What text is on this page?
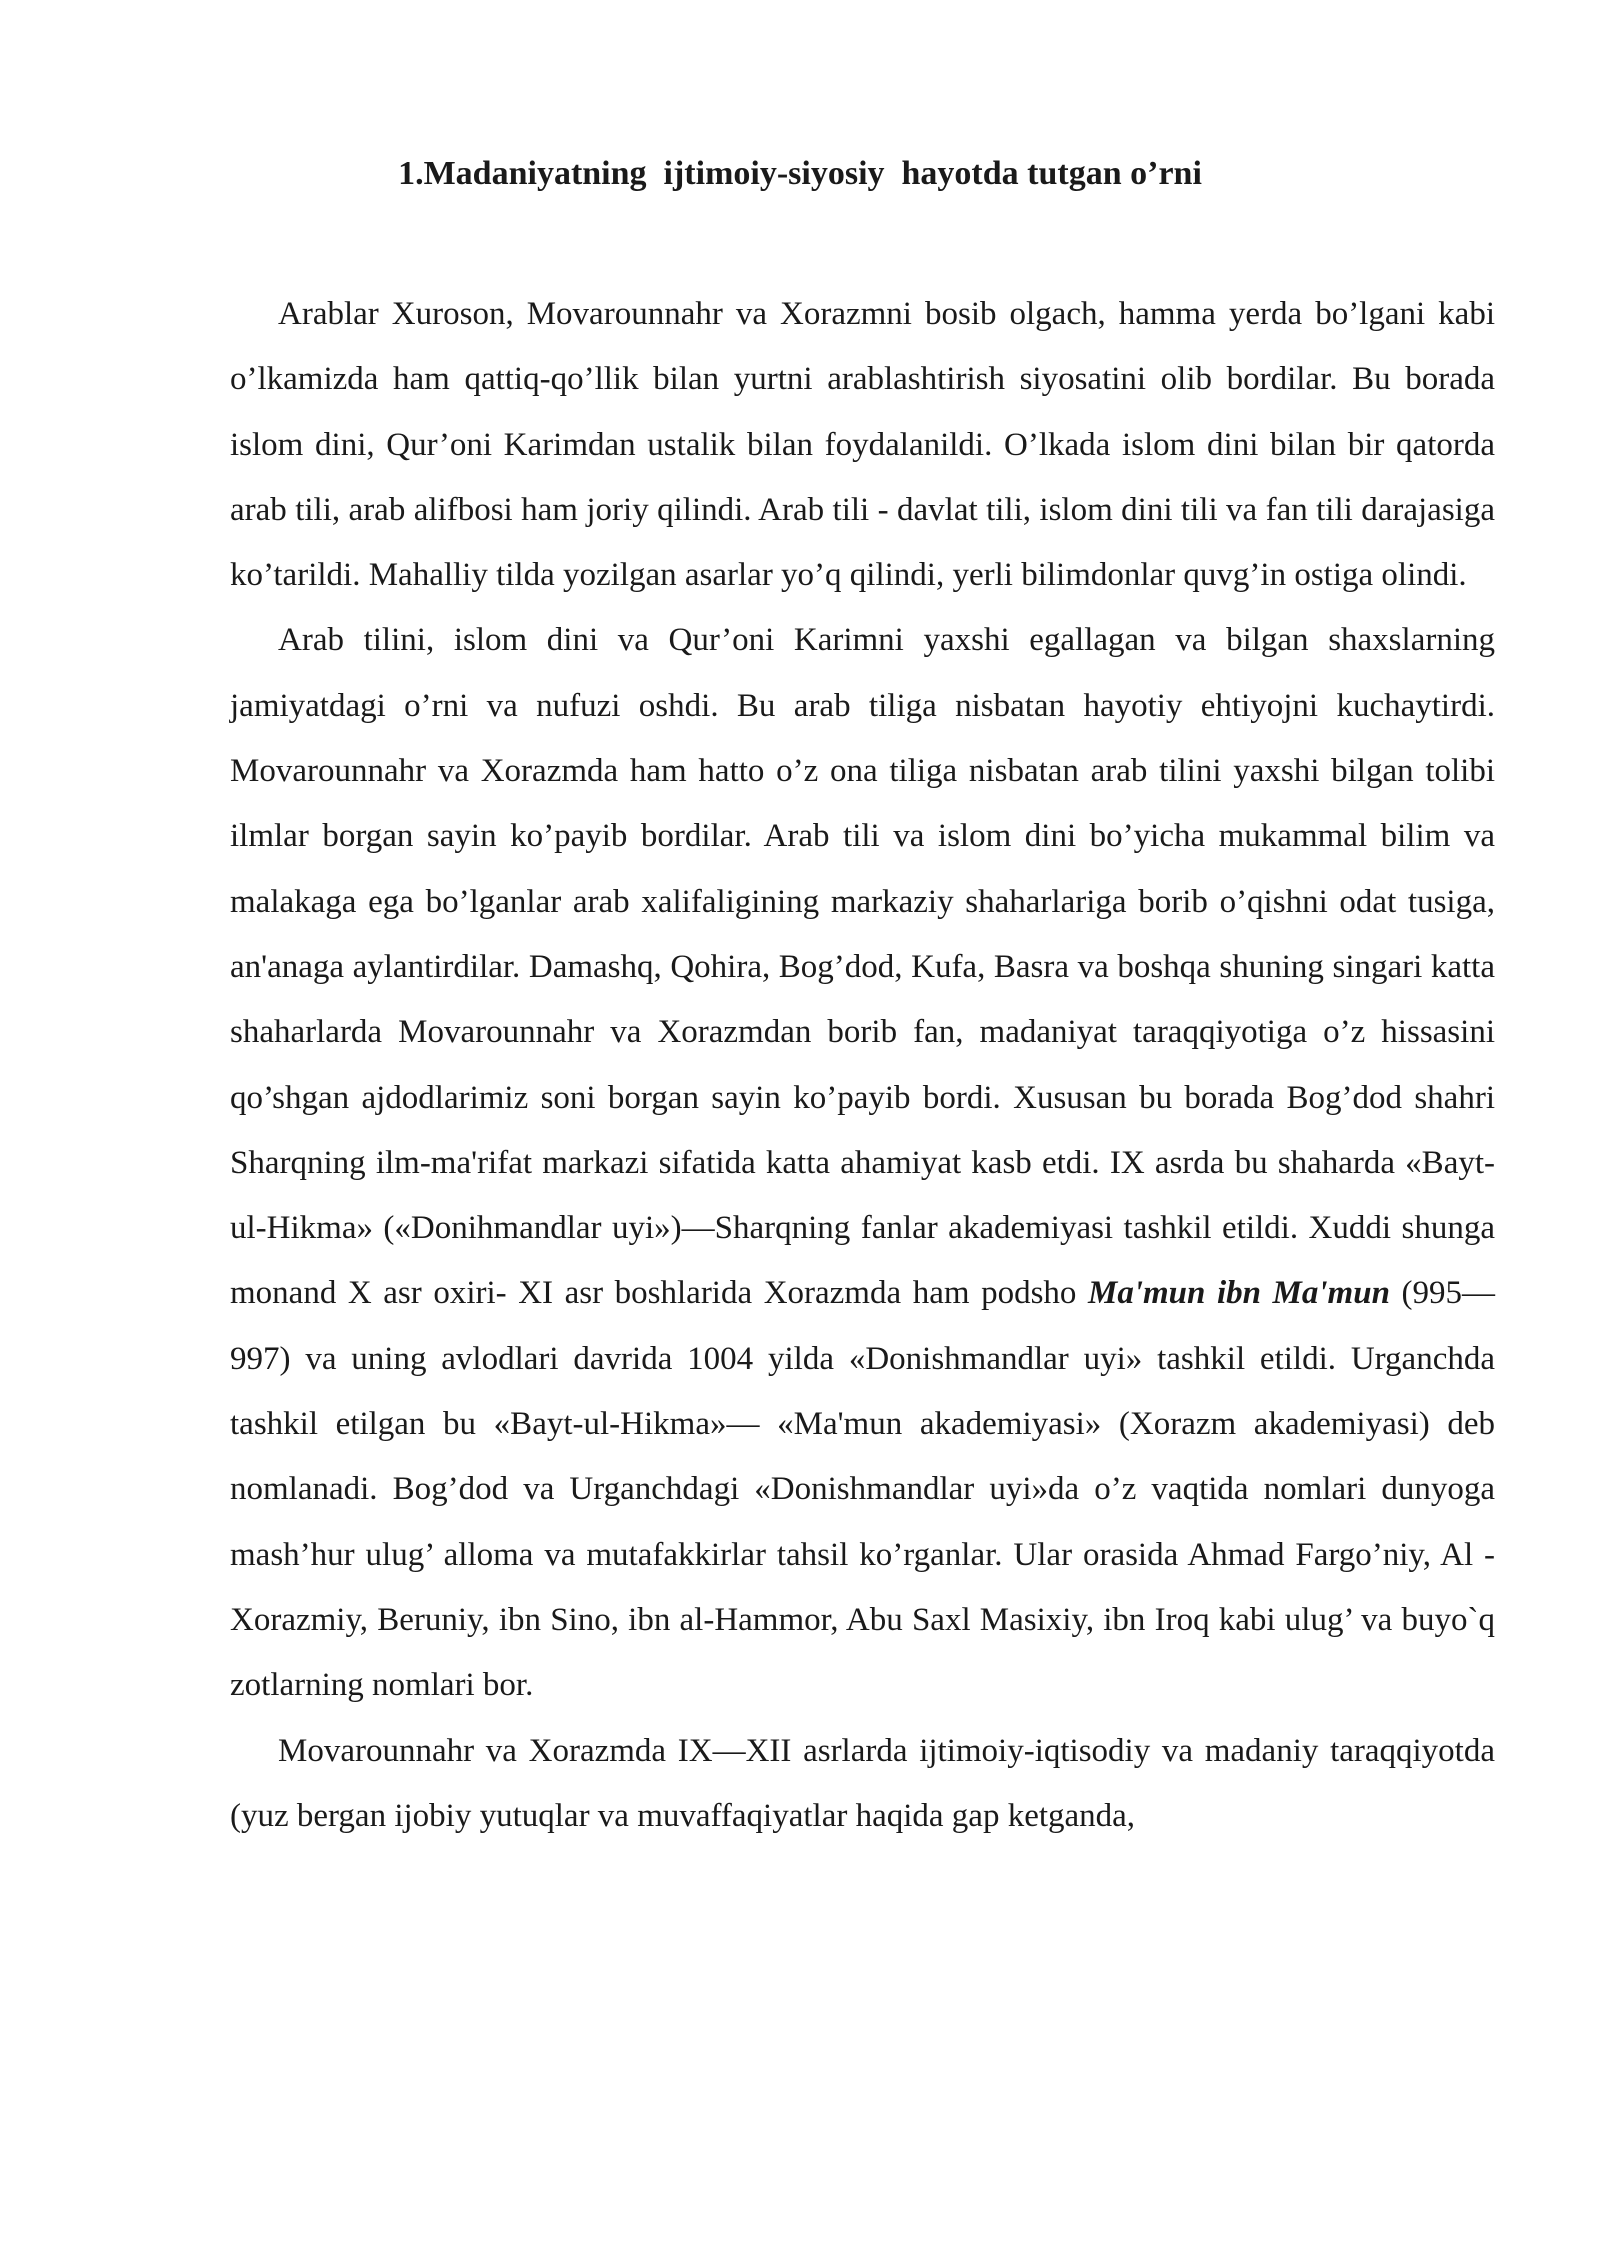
1.Madaniyatning  ijtimoiy-siyosiy  hayotda tutgan o’rni

Arablar Xuroson, Movarounnahr va Xorazmni bosib olgach, hamma yerda bo’lgani kabi o’lkamizda ham qattiq-qo’llik bilan yurtni arablashtirish siyosatini olib bordilar. Bu borada islom dini, Qur’oni Karimdan ustalik bilan foydalanildi. O’lkada islom dini bilan bir qatorda arab tili, arab alifbosi ham joriy qilindi. Arab tili - davlat tili, islom dini tili va fan tili darajasiga ko’tarildi. Mahalliy tilda yozilgan asarlar yo’q qilindi, yerli bilimdonlar quvg’in ostiga olindi.

Arab tilini, islom dini va Qur’oni Karimni yaxshi egallagan va bilgan shaxslarning jamiyatdagi o’rni va nufuzi oshdi. Bu arab tiliga nisbatan hayotiy ehtiyojni kuchaytirdi. Movarounnahr va Xorazmda ham hatto o’z ona tiliga nisbatan arab tilini yaxshi bilgan tolibi ilmlar borgan sayin ko’payib bordilar. Arab tili va islom dini bo’yicha mukammal bilim va malakaga ega bo’lganlar arab xalifaligining markaziy shaharlariga borib o’qishni odat tusiga, an'anaga aylantirdilar. Damashq, Qohira, Bog’dod, Kufa, Basra va boshqa shuning singari katta shaharlarda Movarounnahr va Xorazmdan borib fan, madaniyat taraqqiyotiga o’z hissasini qo’shgan ajdodlarimiz soni borgan sayin ko’payib bordi. Xususan bu borada Bog’dod shahri Sharqning ilm-ma'rifat markazi sifatida katta ahamiyat kasb etdi. IX asrda bu shaharda «Bayt-ul-Hikma» («Donihmandlar uyi»)—Sharqning fanlar akademiyasi tashkil etildi. Xuddi shunga monand X asr oxiri- XI asr boshlarida Xorazmda ham podsho Ma'mun ibn Ma'mun (995—997) va uning avlodlari davrida 1004 yilda «Donishmandlar uyi» tashkil etildi. Urganchda tashkil etilgan bu «Bayt-ul-Hikma»— «Ma'mun akademiyasi» (Xorazm akademiyasi) deb nomlanadi. Bog’dod va Urganchdagi «Donishmandlar uyi»da o’z vaqtida nomlari dunyoga mash’hur ulug’ alloma va mutafakkirlar tahsil ko’rganlar. Ular orasida Ahmad Fargo’niy, Al - Xorazmiy, Beruniy, ibn Sino, ibn al-Hammor, Abu Saxl Masixiy, ibn Iroq kabi ulug’ va buyo`q zotlarning nomlari bor.

Movarounnahr va Xorazmda IX—XII asrlarda ijtimoiy-iqtisodiy va madaniy taraqqiyotda (yuz bergan ijobiy yutuqlar va muvaffaqiyatlar haqida gap ketganda,
